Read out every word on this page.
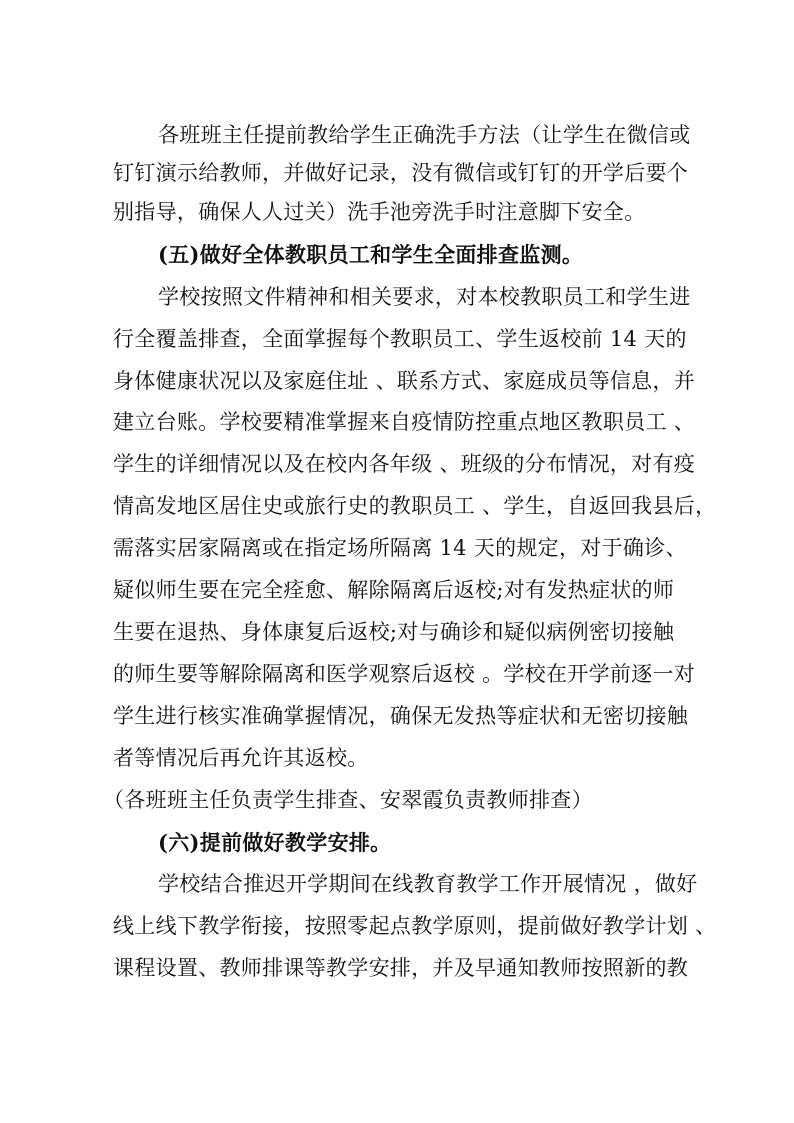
各班班主任提前教给学生正确洗手方法（让学生在微信或
钉钉演示给教师，并做好记录，没有微信或钉钉的开学后要个
别指导，确保人人过关）洗手池旁洗手时注意脚下安全。
(五)做好全体教职员工和学生全面排查监测。
学校按照文件精神和相关要求，对本校教职员工和学生进
行全覆盖排查，全面掌握每个教职员工、学生返校前 14 天的
身体健康状况以及家庭住址 、联系方式、家庭成员等信息，并
建立台账。学校要精准掌握来自疫情防控重点地区教职员工 、
学生的详细情况以及在校内各年级 、班级的分布情况，对有疫
情高发地区居住史或旅行史的教职员工 、学生，自返回我县后，
需落实居家隔离或在指定场所隔离 14 天的规定，对于确诊、
疑似师生要在完全痊愈、解除隔离后返校;对有发热症状的师
生要在退热、身体康复后返校;对与确诊和疑似病例密切接触
的师生要等解除隔离和医学观察后返校 。学校在开学前逐一对
学生进行核实准确掌握情况，确保无发热等症状和无密切接触
者等情况后再允许其返校。
（各班班主任负责学生排查、安翠霞负责教师排查）
(六)提前做好教学安排。
学校结合推迟开学期间在线教育教学工作开展情况 ，做好
线上线下教学衔接，按照零起点教学原则，提前做好教学计划 、
课程设置、教师排课等教学安排，并及早通知教师按照新的教
